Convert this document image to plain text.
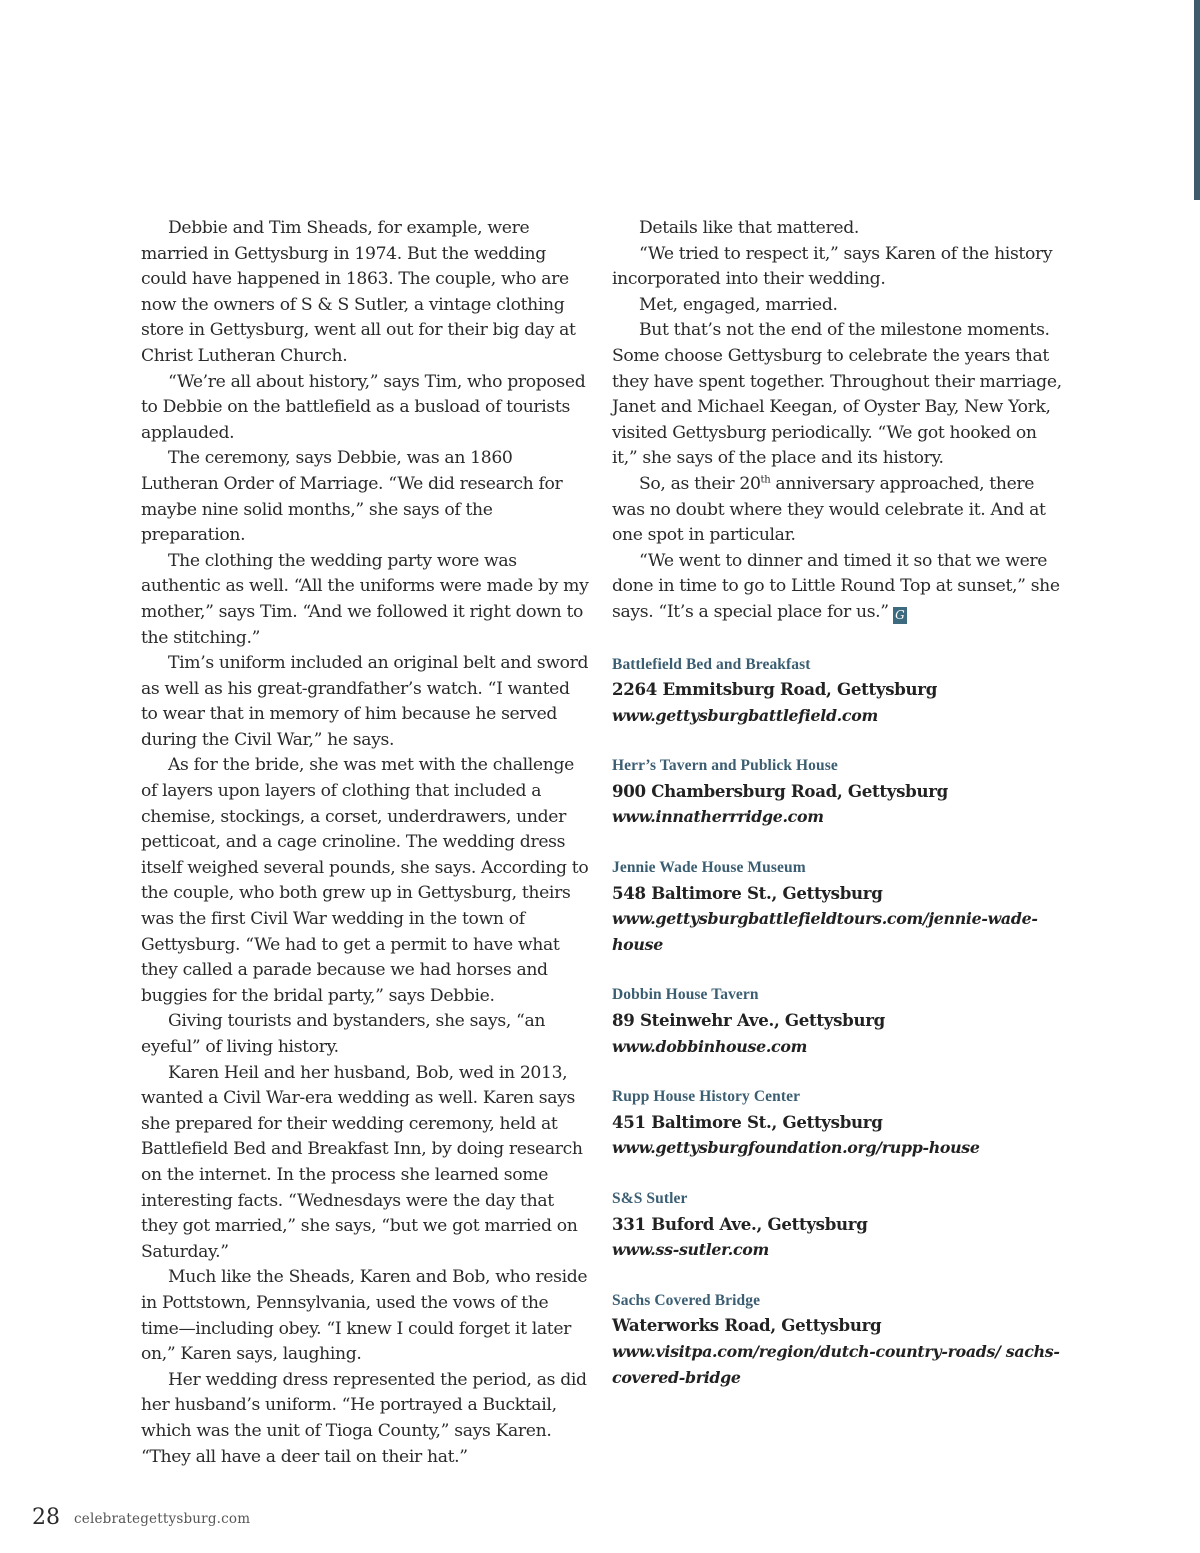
Debbie and Tim Sheads, for example, were married in Gettysburg in 1974. But the wedding could have happened in 1863. The couple, who are now the owners of S & S Sutler, a vintage clothing store in Gettysburg, went all out for their big day at Christ Lutheran Church.

“We’re all about history,” says Tim, who proposed to Debbie on the battlefield as a busload of tourists applauded.

The ceremony, says Debbie, was an 1860 Lutheran Order of Marriage. “We did research for maybe nine solid months,” she says of the preparation.

The clothing the wedding party wore was authentic as well. “All the uniforms were made by my mother,” says Tim. “And we followed it right down to the stitching.”

Tim’s uniform included an original belt and sword as well as his great-grandfather’s watch. “I wanted to wear that in memory of him because he served during the Civil War,” he says.

As for the bride, she was met with the challenge of layers upon layers of clothing that included a chemise, stockings, a corset, underdrawers, under petticoat, and a cage crinoline. The wedding dress itself weighed several pounds, she says. According to the couple, who both grew up in Gettysburg, theirs was the first Civil War wedding in the town of Gettysburg. “We had to get a permit to have what they called a parade because we had horses and buggies for the bridal party,” says Debbie.

Giving tourists and bystanders, she says, “an eyeful” of living history.

Karen Heil and her husband, Bob, wed in 2013, wanted a Civil War-era wedding as well. Karen says she prepared for their wedding ceremony, held at Battlefield Bed and Breakfast Inn, by doing research on the internet. In the process she learned some interesting facts. “Wednesdays were the day that they got married,” she says, “but we got married on Saturday.”

Much like the Sheads, Karen and Bob, who reside in Pottstown, Pennsylvania, used the vows of the time—including obey. “I knew I could forget it later on,” Karen says, laughing.

Her wedding dress represented the period, as did her husband’s uniform. “He portrayed a Bucktail, which was the unit of Tioga County,” says Karen. “They all have a deer tail on their hat.”

Details like that mattered.

“We tried to respect it,” says Karen of the history incorporated into their wedding.

Met, engaged, married.

But that’s not the end of the milestone moments. Some choose Gettysburg to celebrate the years that they have spent together. Throughout their marriage, Janet and Michael Keegan, of Oyster Bay, New York, visited Gettysburg periodically. “We got hooked on it,” she says of the place and its history.

So, as their 20th anniversary approached, there was no doubt where they would celebrate it. And at one spot in particular.

“We went to dinner and timed it so that we were done in time to go to Little Round Top at sunset,” she says. “It’s a special place for us.” G

Battlefield Bed and Breakfast
2264 Emmitsburg Road, Gettysburg
www.gettysburgbattlefield.com
Herr’s Tavern and Publick House
900 Chambersburg Road, Gettysburg
www.innatherrridge.com
Jennie Wade House Museum
548 Baltimore St., Gettysburg
www.gettysburgbattlefieldtours.com/jennie-wade-house
Dobbin House Tavern
89 Steinwehr Ave., Gettysburg
www.dobbinhouse.com
Rupp House History Center
451 Baltimore St., Gettysburg
www.gettysburgfoundation.org/rupp-house
S&S Sutler
331 Buford Ave., Gettysburg
www.ss-sutler.com
Sachs Covered Bridge
Waterworks Road, Gettysburg
www.visitpa.com/region/dutch-country-roads/ sachs-covered-bridge
28 celebrategettysburg.com
